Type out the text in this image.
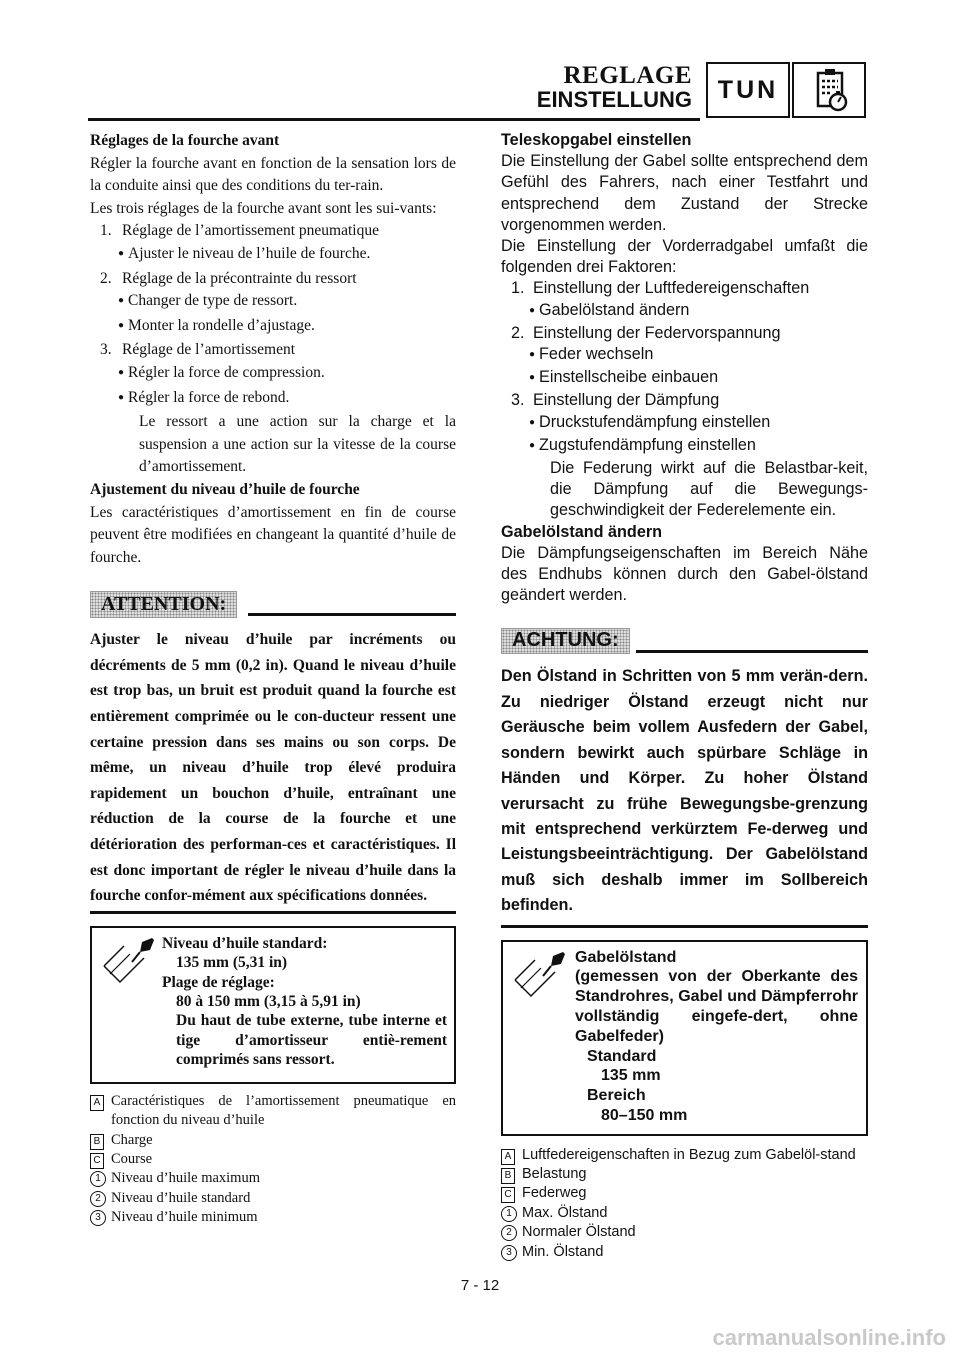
REGLAGE
EINSTELLUNG	TUN

Réglages de la fourche avant

Régler la fourche avant en fonction de la sensation lors de la conduite ainsi que des conditions du ter-rain.

Les trois réglages de la fourche avant sont les sui-vants:

1. Réglage de l’amortissement pneumatique

● Ajuster le niveau de l’huile de fourche.

2. Réglage de la précontrainte du ressort

● Changer de type de ressort.

● Monter la rondelle d’ajustage.

3. Réglage de l’amortissement

● Régler la force de compression.

● Régler la force de rebond.

Le ressort a une action sur la charge et la suspension a une action sur la vitesse de la course d’amortissement.

Ajustement du niveau d’huile de fourche

Les caractéristiques d’amortissement en fin de course peuvent être modifiées en changeant la quantité d’huile de fourche.

ATTENTION:

Ajuster le niveau d’huile par incréments ou décréments de 5 mm (0,2 in). Quand le niveau d’huile est trop bas, un bruit est produit quand la fourche est entièrement comprimée ou le con-ducteur ressent une certaine pression dans ses mains ou son corps. De même, un niveau d’huile trop élevé produira rapidement un bouchon d’huile, entraînant une réduction de la course de la fourche et une détérioration des performan-ces et caractéristiques. Il est donc important de régler le niveau d’huile dans la fourche confor-mément aux spécifications données.

Niveau d’huile standard:

135 mm (5,31 in)

Plage de réglage:

80 à 150 mm (3,15 à 5,91 in)

Du haut de tube externe, tube interne et tige d’amortisseur entiè-rement comprimés sans ressort.

A Caractéristiques de l’amortissement pneumatique en fonction du niveau d’huile
B Charge
C Course
1 Niveau d’huile maximum
2 Niveau d’huile standard
3 Niveau d’huile minimum

Teleskopgabel einstellen

Die Einstellung der Gabel sollte entsprechend dem Gefühl des Fahrers, nach einer Testfahrt und entsprechend dem Zustand der Strecke vorgenommen werden.

Die Einstellung der Vorderradgabel umfaßt die folgenden drei Faktoren:

1. Einstellung der Luftfedereigenschaften

● Gabelölstand ändern

2. Einstellung der Federvorspannung

● Feder wechseln

● Einstellscheibe einbauen

3. Einstellung der Dämpfung

● Druckstufendämpfung einstellen

● Zugstufendämpfung einstellen

Die Federung wirkt auf die Belastbar-keit, die Dämpfung auf die Bewegungs-geschwindigkeit der Federelemente ein.

Gabelölstand ändern

Die Dämpfungseigenschaften im Bereich Nähe des Endhubs können durch den Gabel-ölstand geändert werden.

ACHTUNG:

Den Ölstand in Schritten von 5 mm verän-dern. Zu niedriger Ölstand erzeugt nicht nur Geräusche beim vollem Ausfedern der Gabel, sondern bewirkt auch spürbare Schläge in Händen und Körper. Zu hoher Ölstand verursacht zu frühe Bewegungsbe-grenzung mit entsprechend verkürztem Fe-derweg und Leistungsbeeinträchtigung. Der Gabelölstand muß sich deshalb immer im Sollbereich befinden.

Gabelölstand

(gemessen von der Oberkante des Standrohres, Gabel und Dämpferrohr vollständig eingefe-dert, ohne Gabelfeder)

Standard

135 mm

Bereich

80–150 mm

A Luftfedereigenschaften in Bezug zum Gabelöl-stand
B Belastung
C Federweg
1 Max. Ölstand
2 Normaler Ölstand
3 Min. Ölstand
7 - 12
carmanualsonline.info
